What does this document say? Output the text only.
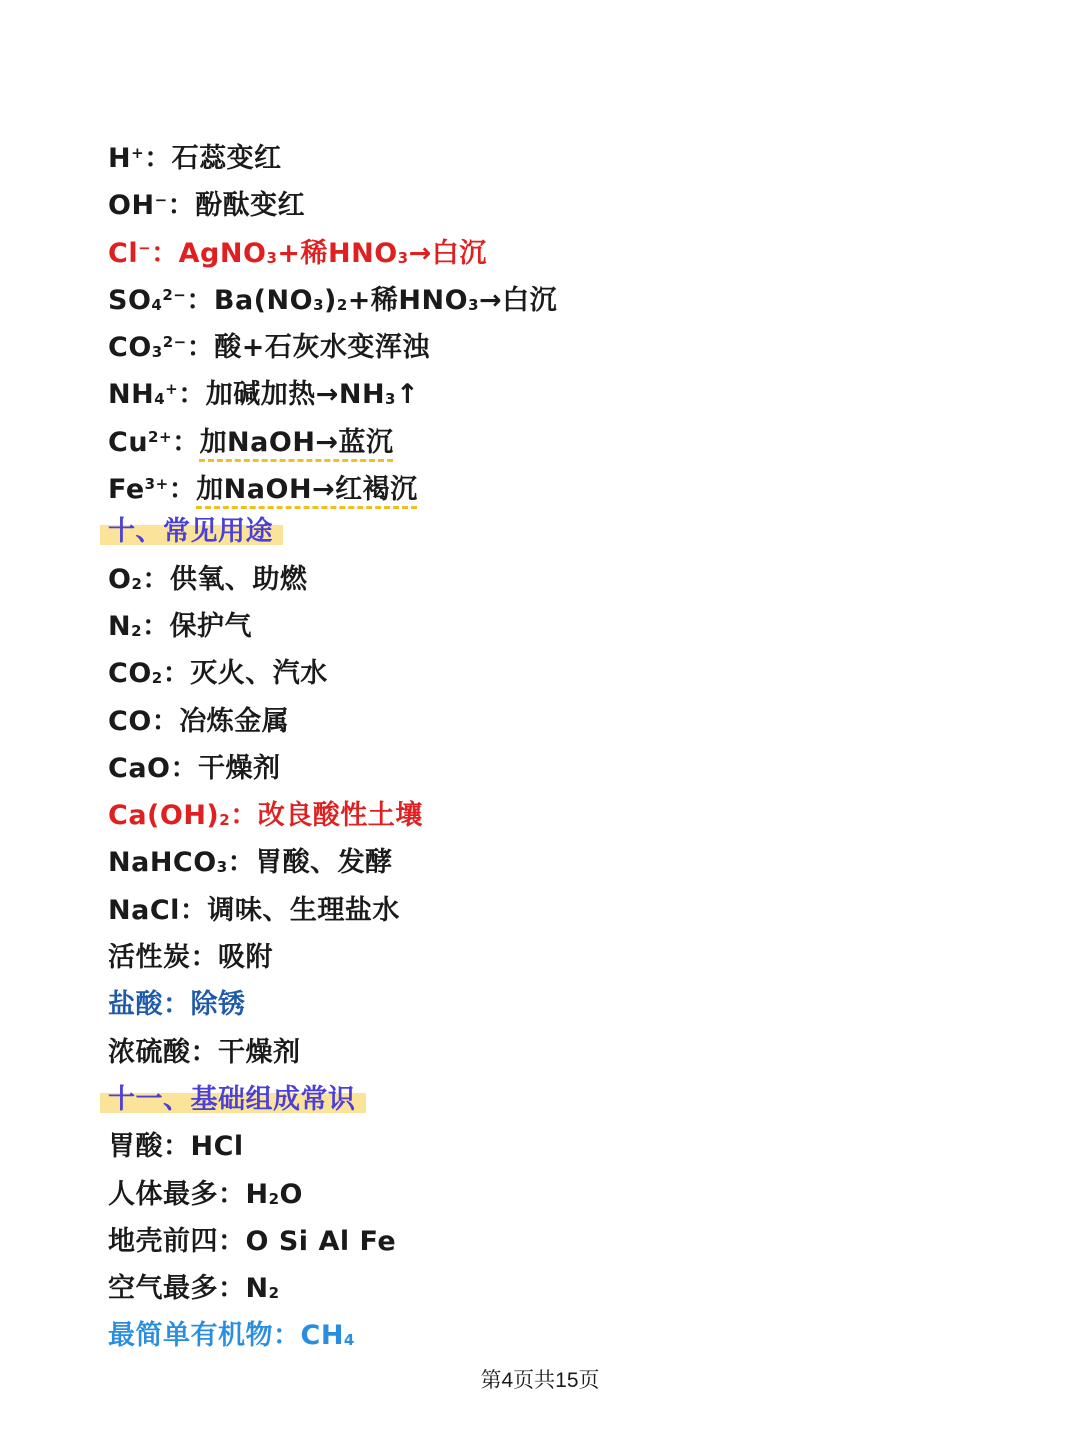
H+：石蕊变红
OH−：酚酞变红
Cl−：AgNO3+稀HNO3→白沉
$SO4^{2-}$：Ba(NO3)2+稀HNO3→白沉
$CO3^{2-}$：酸+石灰水变浑浊
NH4+：加碱加热→NH3↑
$Cu^{2+}$：加NaOH→蓝沉
$Fe^{3+}$：加NaOH→红褐沉
十、常见用途
O2：供氧、助燃
N2：保护气
CO2：灭火、汽水
CO：冶炼金属
CaO：干燥剂
Ca(OH)2：改良酸性土壤
NaHCO3：胃酸、发酵
NaCl：调味、生理盐水
活性炭：吸附
盐酸：除锈
浓硫酸：干燥剂
十一、基础组成常识
胃酸：HCl
人体最多：H2O
地壳前四：O Si Al Fe
空气最多：N2
最简单有机物：CH4
第4页共15页
